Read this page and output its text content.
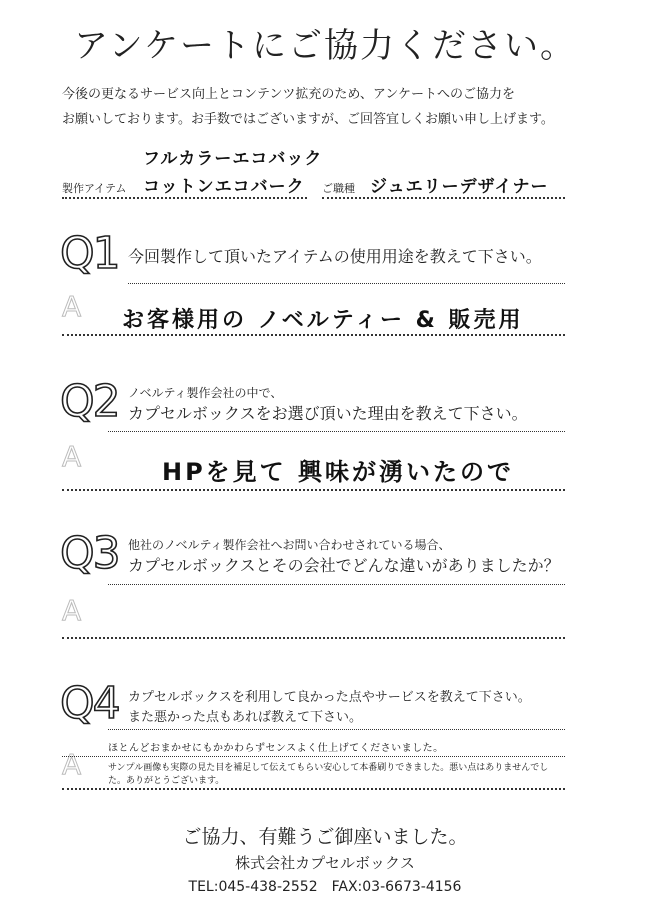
アンケートにご協力ください。
今後の更なるサービス向上とコンテンツ拡充のため、アンケートへのご協力を
お願いしております。お手数ではございますが、ご回答宜しくお願い申し上げます。
フルカラーエコバック
製作アイテム コットンエコバーク ご職種 ジュエリーデザイナー
Q1 今回製作して頂いたアイテムの使用用途を教えて下さい。
A お客様用の ノベルティー & 販売用
Q2 ノベルティ製作会社の中で、
カプセルボックスをお選び頂いた理由を教えて下さい。
A	HPを見て 興味が湧いたので
Q3 他社のノベルティ製作会社へお問い合わせされている場合、
カプセルボックスとその会社でどんな違いがありましたか？
A
Q4 カプセルボックスを利用して良かった点やサービスを教えて下さい。
また悪かった点もあれば教えて下さい。
A	ほとんどおまかせにもかかわらずセンスよく仕上げてくださいました。
サンプル画像も実際の見た目を補足して伝えてもらい安心して本番刷りできました。悪い点はありませんでした。ありがとうございます。
ご協力、有難うご御座いました。
株式会社カプセルボックス
TEL:045-438-2552　FAX:03-6673-4156
